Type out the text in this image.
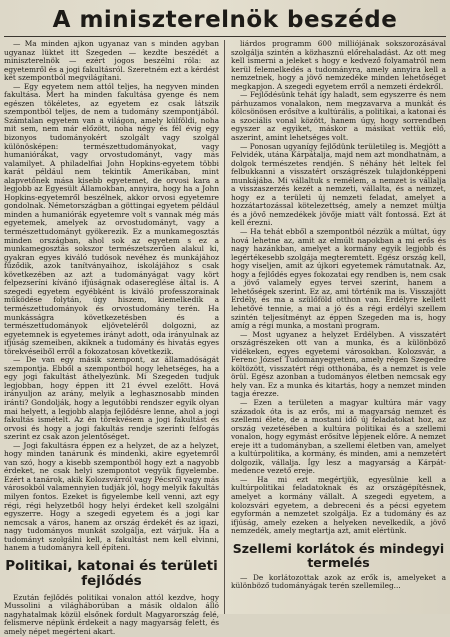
A miniszterelnök beszéde

— Ma minden ajkon ugyanaz van s minden agyban ugyanaz lüktet itt Szegeden — kezdte beszédét a miniszterelnök — ezért jogos beszélni róla: az egyetemről és a jogi fakultásról. Szeretném ezt a kérdést két szempontból megvilágítani.

— Egy egyetem nem attól teljes, ha negyven minden fakultása. Mert ha minden fakultása gyenge és nem egészen tökéletes, az egyetem ez csak látszik szempontból teljes, de nem a tudomány szempontjából. Számtalan egyetem van a világon, amely külföldi, noha mit sem, nem már előzött, noha négy és fél évig egy bizonyos tudományokért szolgált vagy szolgál különösképen: természettudományokat, vagy humaniórákat, vagy orvostudományt, vagy más valamilyet. A philadelfiai John Hopkins-egyetem többi karát például nem tekintik Amerikában, mint alapvetőnek mása kisebb egyetemet, de orvosi kara a legjobb az Egyesült Államokban, annyira, hogy ha a John Hopkins-egyetemről beszélnek, akkor orvosi egyetemre gondolnak. Németországban a göttingai egyetem például minden a humaniórák egyetemre volt s vannak még más egyetemek, amelyek az orvostudományt, vagy a természettudományt gyökerezik. Ez a munkamegosztás minden országban, ahol sok az egyetem s ez a munkamegosztás sokszor természetszerűen alakul ki, gyakran egyes kiváló tudósok nevéhez és munkájához fűződik, azok tanítványaihoz, iskolájához s csak következében az azt a tudományágat vagy kört felpezseríni kívánó ifjúságnak odasereglése által is. A szegedi egyetem egyébként is kiváló professzorainak működése folytán, úgy hiszem, kiemelkedik a természettudományok és orvostudomány terén. Ha munkásságra következetésben és a természettudományok eljöveteléről dolgozni, az egyetemnek is egyetemes irányt adott, oda irányulnak az ifjúság szemeiben, akiknek a tudomány és hivatás egyes törekvéseiből erről a fokozatosan következik.

— De van egy másik szempont, az államadóságát szempontja. Ebből a szempontból hogy lehetséges, ha a egy jogi fakultást áthelyezünk. Mi Szegeden tudjuk legjobban, hogy éppen itt 21 évvel ezelőtt. Hová irányuljon az arány, melyik a leghasznosabb minden iránti? Gondolják, hogy a legutóbbi rendszer egyik olyan mai helyett, a legjobb alapja fejlődésre lenne, ahol a jogi fakultás ismételt. Az én törekvésem a jogi fakultást és orvosi és hogy a jogi fakultás rendje szerinti felfogás szerint ez csak azon jelentőséget.

— Jogi fakultásra éppen ez a helyzet, de az a helyzet, hogy minden tanárunk és mindenki, akire egyetemről van szó, hogy a kisebb szempontból hogy ezt a nagyobb érdeket, ne csak helyi szempontot vegyük figyelembe. Ezért a tanárok, akik Kolozsvárról vagy Pécsről vagy más városokból valamennyien tudják jól, hogy melyik fakultás milyen fontos. Ezeket is figyelembe kell venni, azt egy régi, régi helyzetből hogy helyi érdeket kell szolgálni egyszerre. Hogy a szegedi egyetem és a jogi kar nemcsak a város, hanem az ország érdekét és az igazi, nagy tudományos munkát szolgálja, ezt várjuk. Ha a tudományt szolgálni kell, a fakultást nem kell elvinni, hanem a tudományra kell építeni.

Politikai, katonai és területi fejlődés

Ezután fejlődés politikai vonalon attól kezdve, hogy Mussolini a világháborúban a másik oldalon álló nagyhatalmak közül elsőnek fordult Magyarország felé, felismerve népünk érdekeit a nagy magyarság felett, és amely népet megérteni akart.

liárdos programm 600 milliójának sokszorozásával szolgálja szintén a közhasznú előrehaladást. Az ott meg kell ismerni a jeleket s hogy e kedvező folyamatról nem kerül felemelkedés a tudományra, amely annyira kell a nemzetnek, hogy a jövő nemzedéke minden lehetőséget megkapjon. A szegedi egyetem erről a nemzeti érdekről.

— Fejlődésünk tehát így haladt, sem egyszerre és nem párhuzamos vonalakon, nem megzavarva a munkát és kölcsönösen erősítve a kultúrális, a politikai, a katonai és a szociális vonal között, hanem úgy, hogy sorrendben egyszer az egyiket, máskor a másikat vettük elő, aszerint, amint lehetséges volt.

— Ponosan ugyanígy fejlődünk területileg is. Megjött a Felvidék, utána Kárpátalja, majd nem azt mondhatnám, a dolgok természetes rendjén. S néhány hét leltek fel felbukkanni a visszatért országrészek tulajdonképpeni munkájába. Mi vállaltuk s remélem, a nemzet is vállalja a visszaszerzés kezét a nemzeti, vállalta, és a nemzet, hogy ez a területi új nemzeti feladat, amelyet a hozzátartozással kötelezettség, amely a nemzet múltja és a jövő nemzedékek jövője miatt vált fontossá. Ezt át kell érezni.

— Ha tehát ebből a szempontból nézzük a múltat, úgy hová lehetne az, amit az elmúlt napokban a mi erős és nagy hazánkban, amelyet a kormány egyik legjobb és legértékesebb szolgája megteremtett. Egész ország kell, hogy viseljen, amit az újkori egyetemek rámutatnak. Az, hogy a fejlődés egyes fokozatai egy rendben is, nem csak a jövő valamely egyes tervei szerint, hanem a lehetőségek szerint. Ez az, ami történik ma is. Visszajött Erdély, és ma a szülőföld otthon van. Erdélyre kellett lehetővé tennie, a mai a jó és a régi erdélyi szellem szintén teljesítményt az éppen Szegeden ma is, hogy amíg a régi munka, a mostani program.

— Most ugyanez a helyzet Erdélyben. A visszatért országrészeken ott van a munka, és a különböző vidékeken, egyes egyetemi városokban. Kolozsvár, a Ferenc József Tudományegyetem, amely régen Szegedre költözött, visszatért régi otthonába, és a nemzet is vele örül. Egész azonban a tudományos életben nemcsak egy hely van. Ez a munka és kitartás, hogy a nemzet minden tagja érezze.

— Ezen a területen a magyar kultúra már vagy századok óta is az erős, mi a magyarság nemzet és szellemi élete, de a mostani idő új feladatokat hoz, az ország vezetésében a kultúra politikai és a szellemi vonalon, hogy egymást erősítve lépjenek előre. A nemzet ereje itt a tudományban, a szellemi életben van, amelyet a kultúrpolitika, a kormány, és minden, ami a nemzetért dolgozik, vállalja. Így lesz a magyarság a Kárpát-medence vezető ereje.

— Ha mi ezt megértjük, egyesülnie kell a kultúrpolitikai feladatoknak és az országépítésnek, amelyet a kormány vállalt. A szegedi egyetem, a kolozsvári egyetem, a debreceni és a pécsi egyetem egyformán a nemzetet szolgálja. Ez a tudomány és az ifjúság, amely ezeken a helyeken nevelkedik, a jövő nemzedék, amely megtartja azt, amit elértünk.

Szellemi korlátok és mindegyi termelés

— De korlátozottak azok az erők is, amelyeket a különböző tudományágak terén szellemileg...
